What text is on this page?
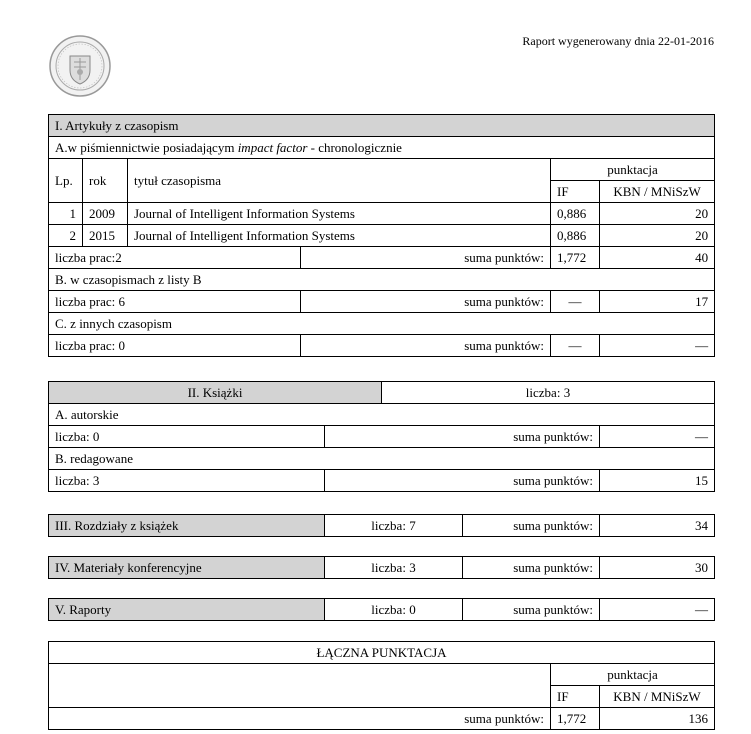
Raport wygenerowany dnia 22-01-2016
I. Artykuły z czasopism					
A.w piśmiennictwie posiadającym impact factor - chronologicznie					
Lp.	rok	tytuł czasopisma		punktacja	
				IF	KBN / MNiSzW
1	2009	Journal of Intelligent Information Systems		0,886	20
2	2015	Journal of Intelligent Information Systems		0,886	20
liczba prac:2			suma punktów:	1,772	40
B. w czasopismach z listy B					
liczba prac: 6			suma punktów:	—	17
C. z innych czasopism					
liczba prac: 0			suma punktów:	—	—
II. Książki		liczba: 3	
A. autorskie			
liczba: 0	suma punktów:		—
B. redagowane			
liczba: 3	suma punktów:		15
III. Rozdziały z książek	liczba: 7	suma punktów:	34
IV. Materiały konferencyjne	liczba: 3	suma punktów:	30
V. Raporty	liczba: 0	suma punktów:	—
ŁĄCZNA PUNKTACJA		
	punktacja	
	IF	KBN / MNiSzW
suma punktów:	1,772	136
